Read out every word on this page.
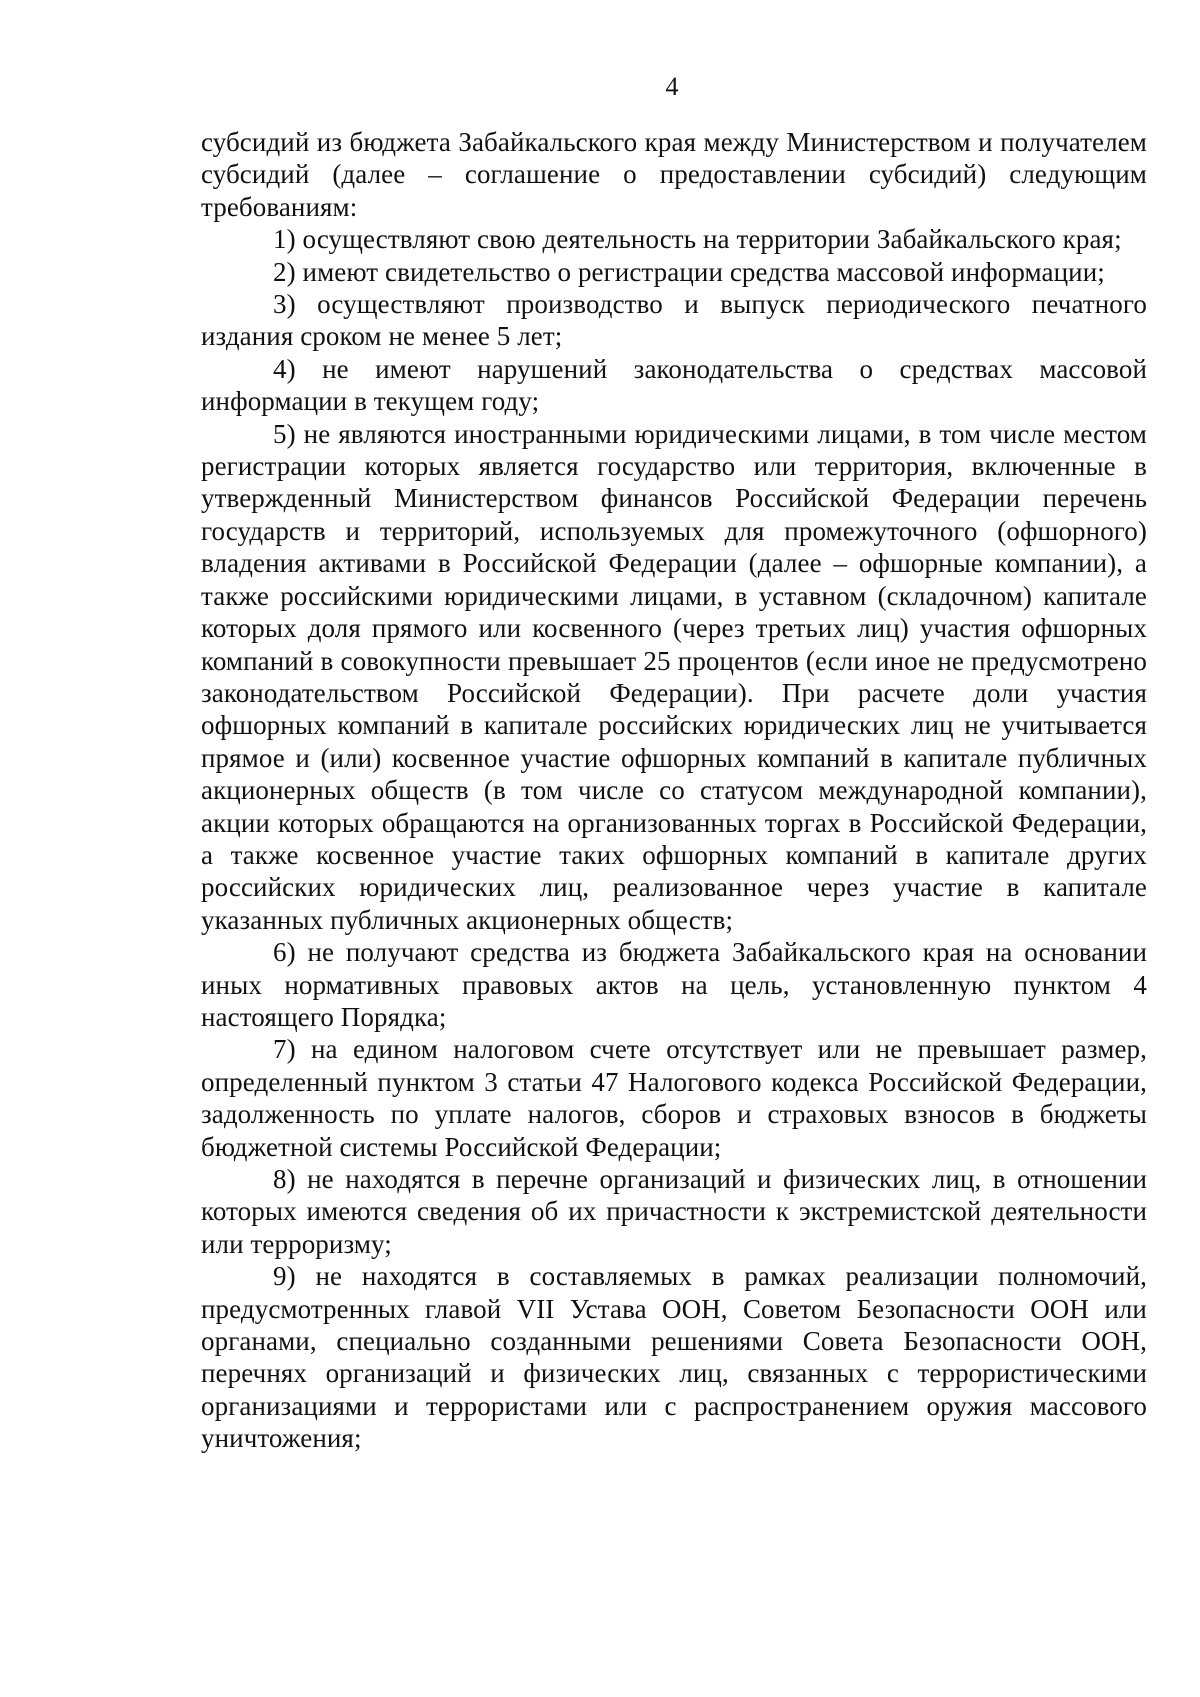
4

субсидий из бюджета Забайкальского края между Министерством и получателем субсидий (далее – соглашение о предоставлении субсидий) следующим требованиям:

1) осуществляют свою деятельность на территории Забайкальского края;

2) имеют свидетельство о регистрации средства массовой информации;

3) осуществляют производство и выпуск периодического печатного издания сроком не менее 5 лет;

4) не имеют нарушений законодательства о средствах массовой информации в текущем году;

5) не являются иностранными юридическими лицами, в том числе местом регистрации которых является государство или территория, включенные в утвержденный Министерством финансов Российской Федерации перечень государств и территорий, используемых для промежуточного (офшорного) владения активами в Российской Федерации (далее – офшорные компании), а также российскими юридическими лицами, в уставном (складочном) капитале которых доля прямого или косвенного (через третьих лиц) участия офшорных компаний в совокупности превышает 25 процентов (если иное не предусмотрено законодательством Российской Федерации). При расчете доли участия офшорных компаний в капитале российских юридических лиц не учитывается прямое и (или) косвенное участие офшорных компаний в капитале публичных акционерных обществ (в том числе со статусом международной компании), акции которых обращаются на организованных торгах в Российской Федерации, а также косвенное участие таких офшорных компаний в капитале других российских юридических лиц, реализованное через участие в капитале указанных публичных акционерных обществ;

6) не получают средства из бюджета Забайкальского края на основании иных нормативных правовых актов на цель, установленную пунктом 4 настоящего Порядка;

7) на едином налоговом счете отсутствует или не превышает размер, определенный пунктом 3 статьи 47 Налогового кодекса Российской Федерации, задолженность по уплате налогов, сборов и страховых взносов в бюджеты бюджетной системы Российской Федерации;

8) не находятся в перечне организаций и физических лиц, в отношении которых имеются сведения об их причастности к экстремистской деятельности или терроризму;

9) не находятся в составляемых в рамках реализации полномочий, предусмотренных главой VII Устава ООН, Советом Безопасности ООН или органами, специально созданными решениями Совета Безопасности ООН, перечнях организаций и физических лиц, связанных с террористическими организациями и террористами или с распространением оружия массового уничтожения;
